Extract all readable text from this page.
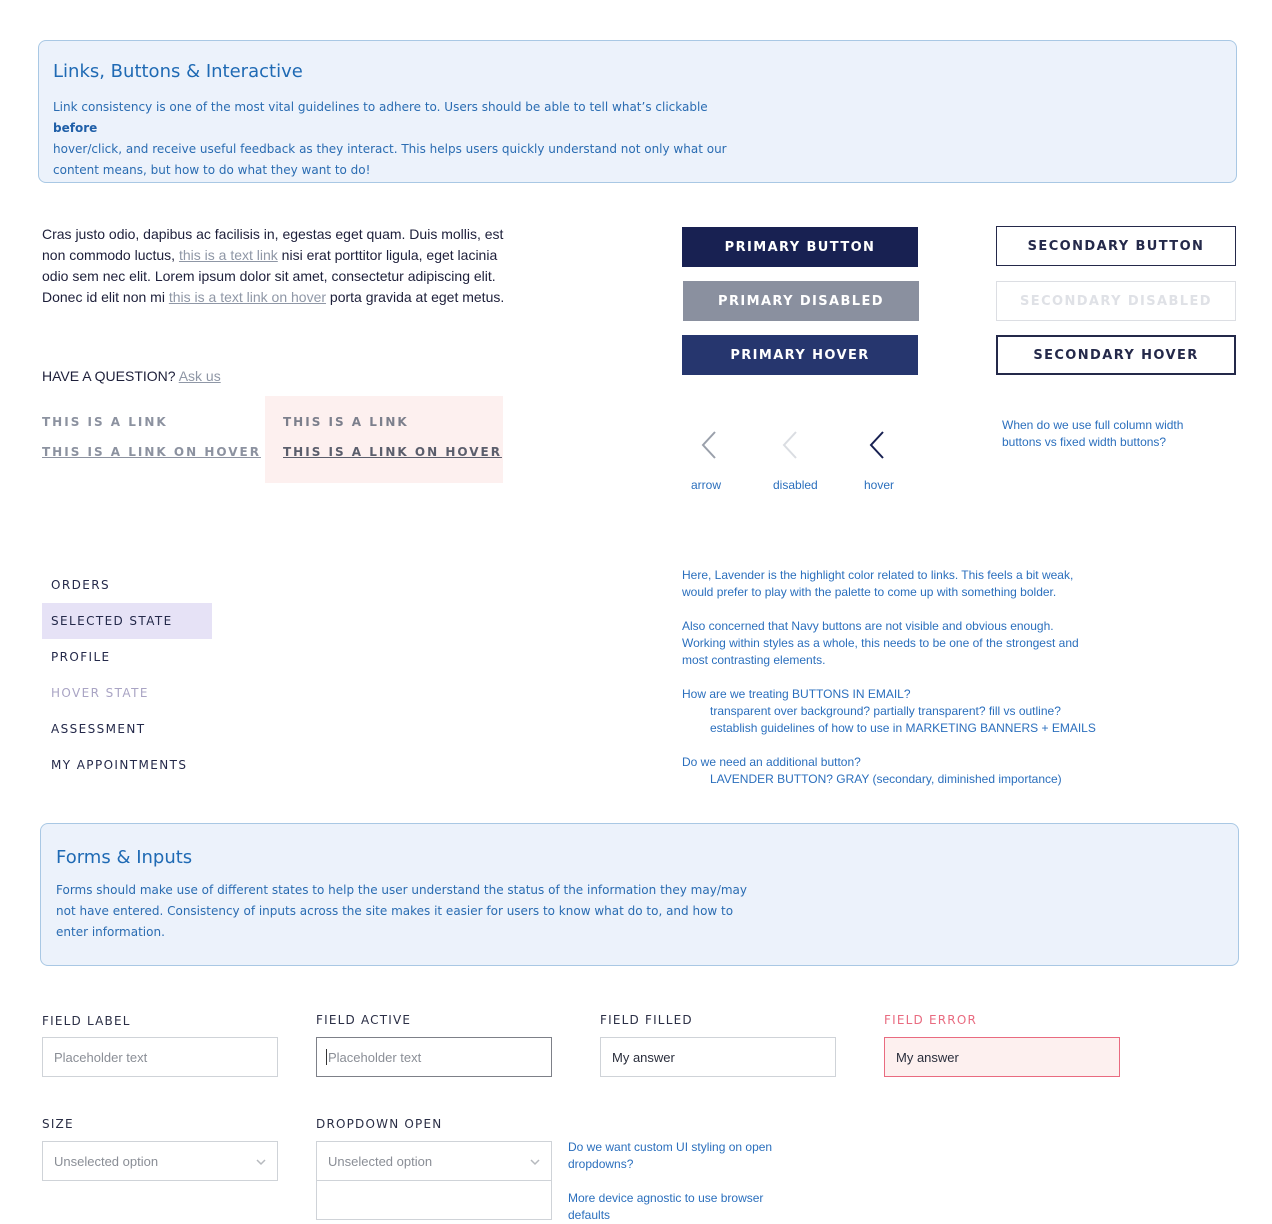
Links, Buttons & Interactive

Link consistency is one of the most vital guidelines to adhere to. Users should be able to tell what’s clickable before
hover/click, and receive useful feedback as they interact. This helps users quickly understand not only what our
content means, but how to do what they want to do!

Cras justo odio, dapibus ac facilisis in, egestas eget quam. Duis mollis, est non commodo luctus, this is a text link nisi erat porttitor ligula, eget lacinia odio sem nec elit. Lorem ipsum dolor sit amet, consectetur adipiscing elit. Donec id elit non mi this is a text link on hover porta gravida at eget metus.
HAVE A QUESTION? Ask us
THIS IS A LINK
THIS IS A LINK ON HOVER
THIS IS A LINK
THIS IS A LINK ON HOVER
PRIMARY BUTTON
PRIMARY DISABLED
PRIMARY HOVER
SECONDARY BUTTON
SECONDARY DISABLED
SECONDARY HOVER
arrow	disabled	hover
When do we use full column width buttons vs fixed width buttons?
ORDERS
SELECTED STATE
PROFILE
HOVER STATE
ASSESSMENT
MY APPOINTMENTS
Here, Lavender is the highlight color related to links. This feels a bit weak,
would prefer to play with the palette to come up with something bolder.
Also concerned that Navy buttons are not visible and obvious enough.
Working within styles as a whole, this needs to be one of the strongest and
most contrasting elements.
How are we treating BUTTONS IN EMAIL?
transparent over background? partially transparent? fill vs outline?
establish guidelines of how to use in MARKETING BANNERS + EMAILS
Do we need an additional button?
LAVENDER BUTTON? GRAY (secondary, diminished importance)
Forms & Inputs

Forms should make use of different states to help the user understand the status of the information they may/may
not have entered. Consistency of inputs across the site makes it easier for users to know what do to, and how to
enter information.

FIELD LABEL
Placeholder text
FIELD ACTIVE
Placeholder text
FIELD FILLED
My answer
FIELD ERROR
My answer
SIZE
Unselected option
DROPDOWN OPEN
Unselected option
Do we want custom UI styling on open dropdowns?
More device agnostic to use browser defaults
